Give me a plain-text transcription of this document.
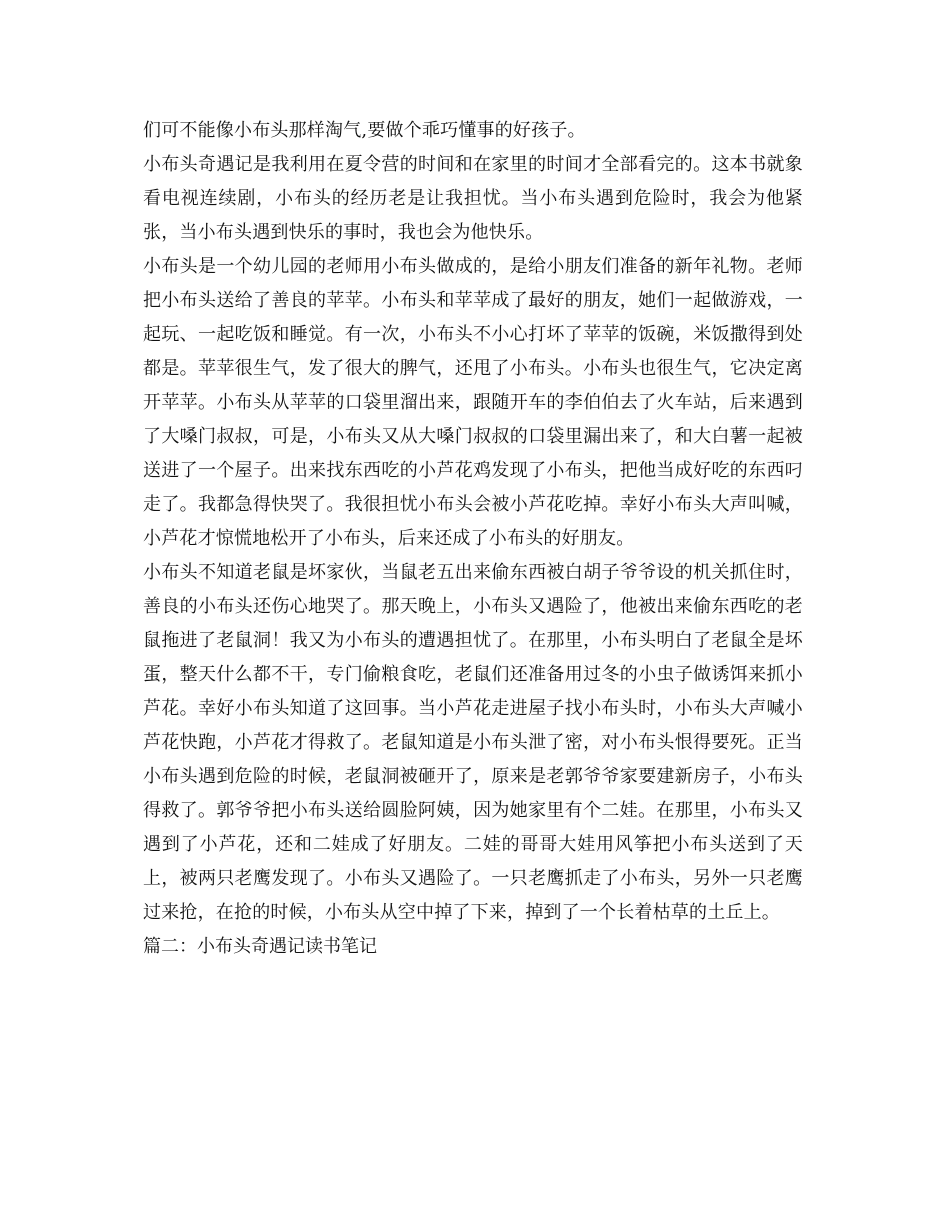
们可不能像小布头那样淘气,要做个乖巧懂事的好孩子。

小布头奇遇记是我利用在夏令营的时间和在家里的时间才全部看完的。这本书就象看电视连续剧，小布头的经历老是让我担忧。当小布头遇到危险时，我会为他紧张，当小布头遇到快乐的事时，我也会为他快乐。

小布头是一个幼儿园的老师用小布头做成的，是给小朋友们准备的新年礼物。老师把小布头送给了善良的苹苹。小布头和苹苹成了最好的朋友，她们一起做游戏，一起玩、一起吃饭和睡觉。有一次，小布头不小心打坏了苹苹的饭碗，米饭撒得到处都是。苹苹很生气，发了很大的脾气，还甩了小布头。小布头也很生气，它决定离开苹苹。小布头从苹苹的口袋里溜出来，跟随开车的李伯伯去了火车站，后来遇到了大嗓门叔叔，可是，小布头又从大嗓门叔叔的口袋里漏出来了，和大白薯一起被送进了一个屋子。出来找东西吃的小芦花鸡发现了小布头，把他当成好吃的东西叼走了。我都急得快哭了。我很担忧小布头会被小芦花吃掉。幸好小布头大声叫喊，小芦花才惊慌地松开了小布头，后来还成了小布头的好朋友。

小布头不知道老鼠是坏家伙，当鼠老五出来偷东西被白胡子爷爷设的机关抓住时，善良的小布头还伤心地哭了。那天晚上，小布头又遇险了，他被出来偷东西吃的老鼠拖进了老鼠洞！我又为小布头的遭遇担忧了。在那里，小布头明白了老鼠全是坏蛋，整天什么都不干，专门偷粮食吃，老鼠们还准备用过冬的小虫子做诱饵来抓小芦花。幸好小布头知道了这回事。当小芦花走进屋子找小布头时，小布头大声喊小芦花快跑，小芦花才得救了。老鼠知道是小布头泄了密，对小布头恨得要死。正当小布头遇到危险的时候，老鼠洞被砸开了，原来是老郭爷爷家要建新房子，小布头得救了。郭爷爷把小布头送给圆脸阿姨，因为她家里有个二娃。在那里，小布头又遇到了小芦花，还和二娃成了好朋友。二娃的哥哥大娃用风筝把小布头送到了天上，被两只老鹰发现了。小布头又遇险了。一只老鹰抓走了小布头，另外一只老鹰过来抢，在抢的时候，小布头从空中掉了下来，掉到了一个长着枯草的土丘上。

篇二：小布头奇遇记读书笔记
